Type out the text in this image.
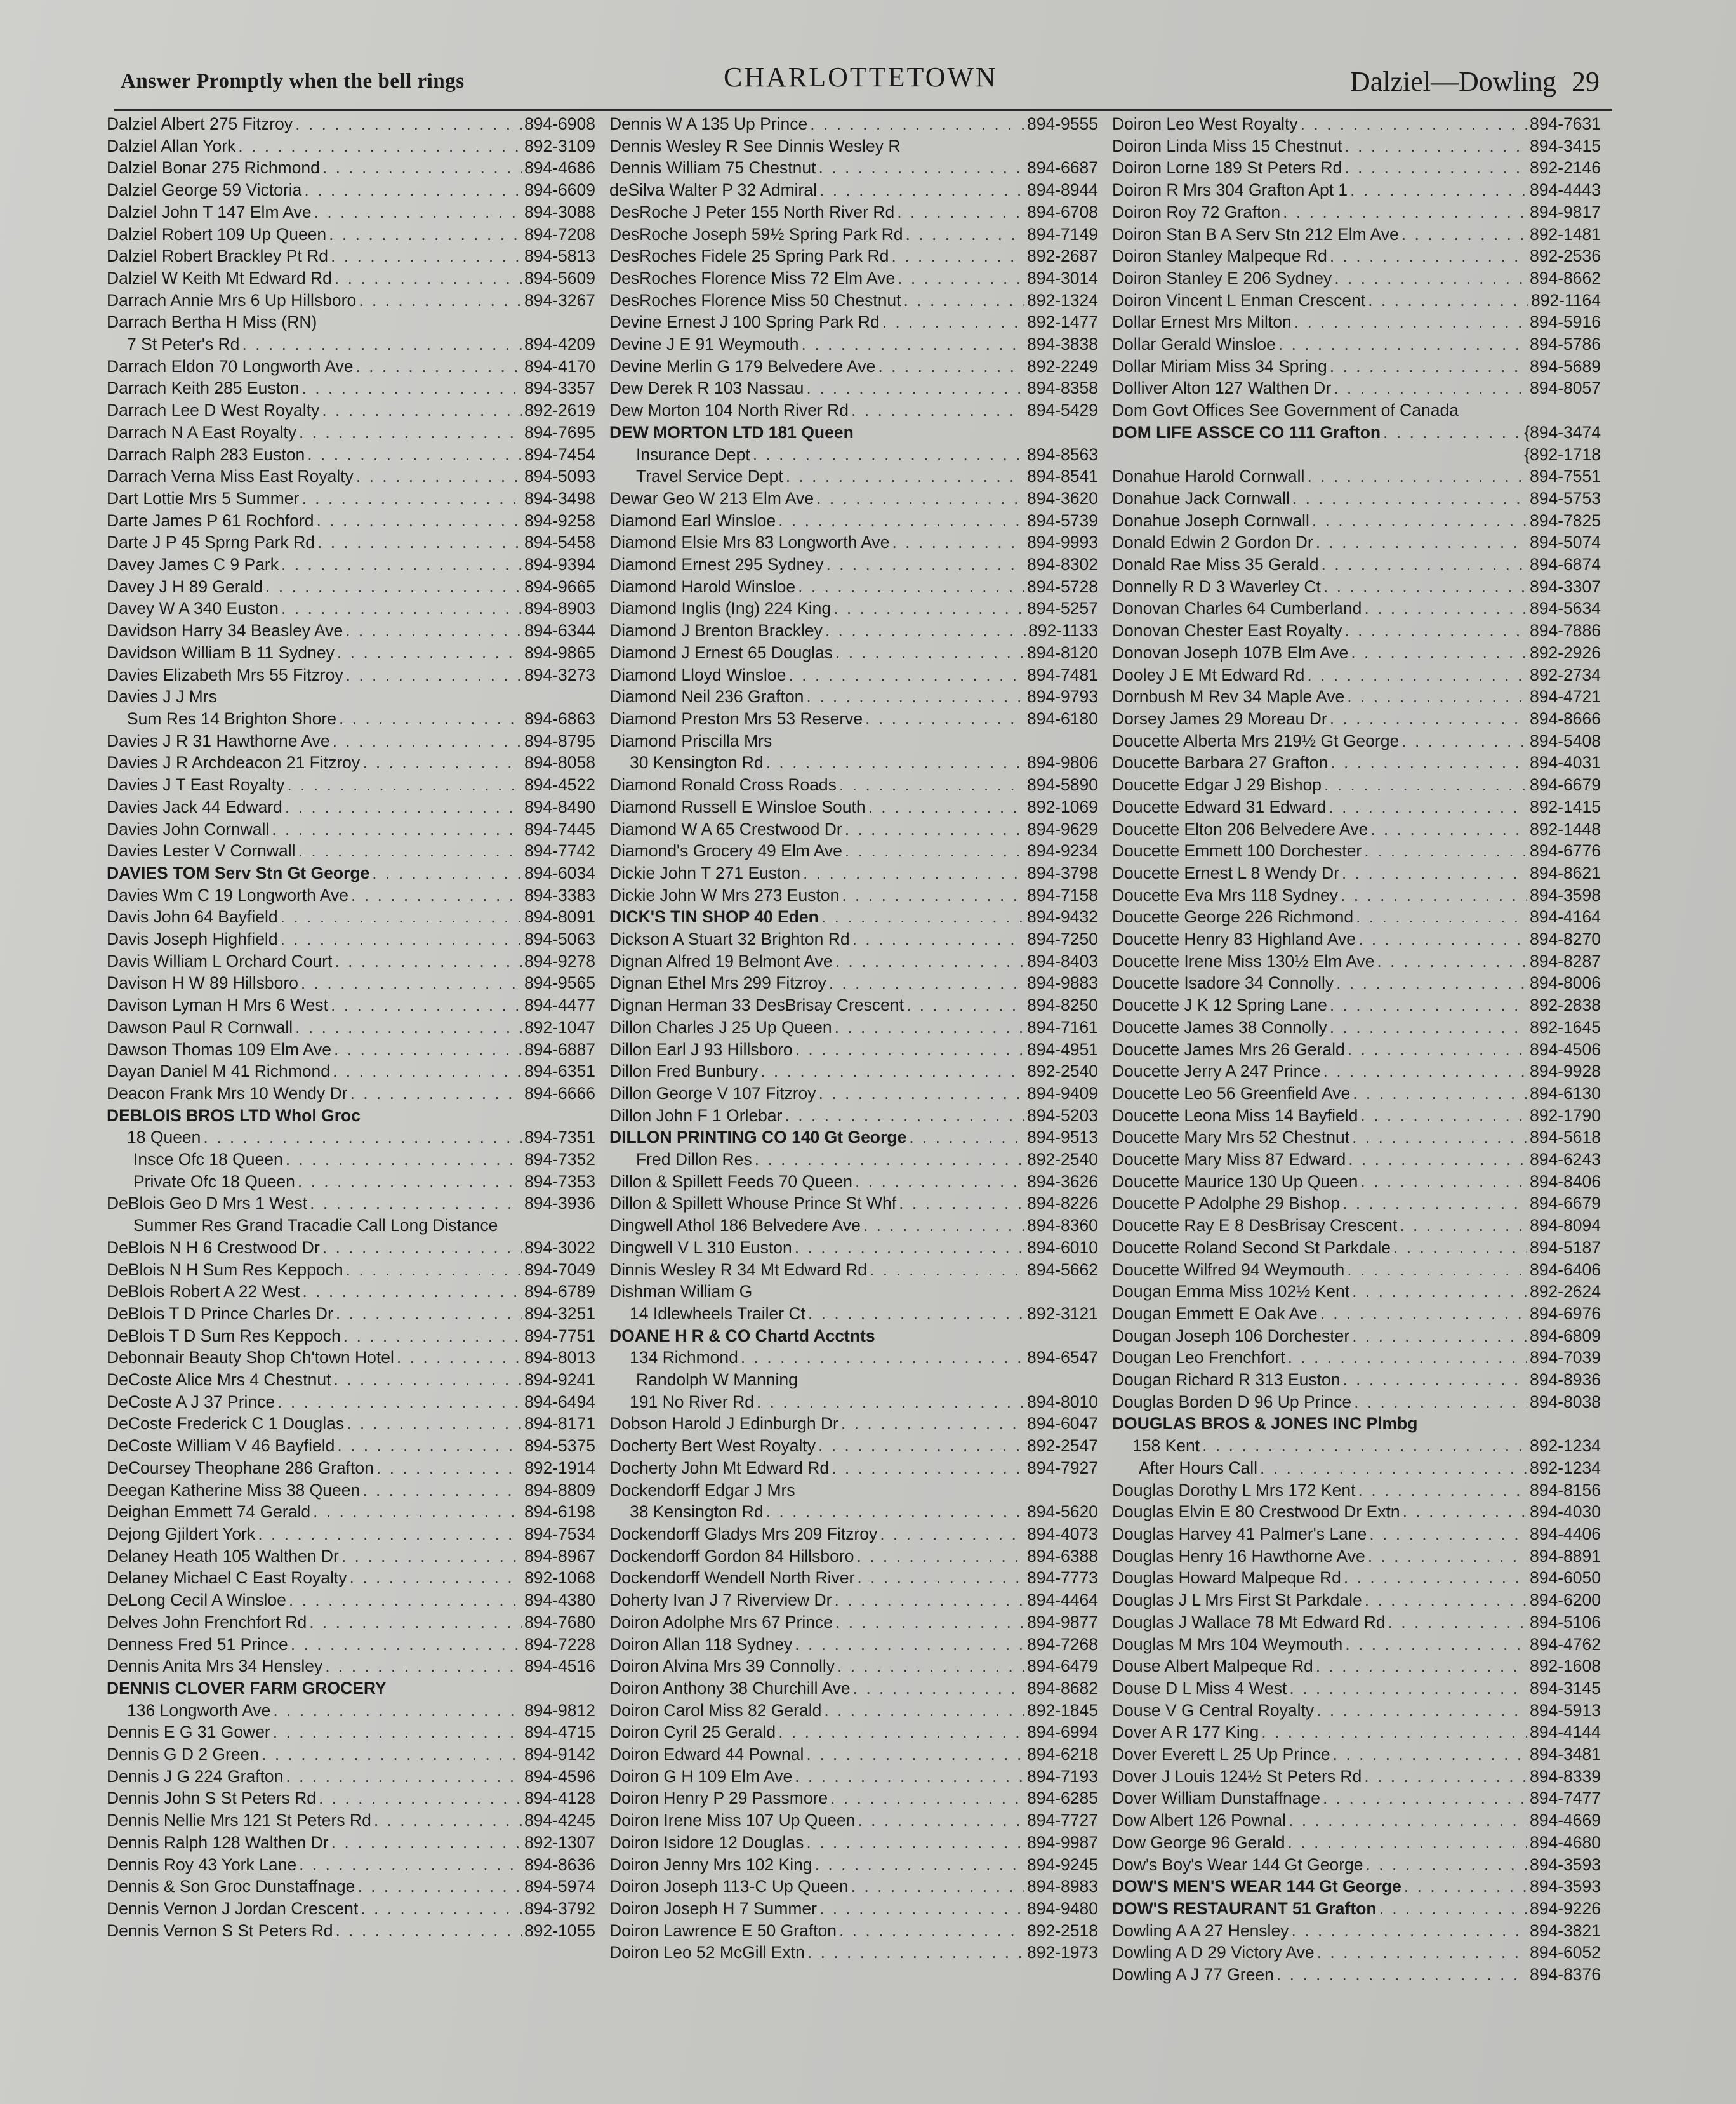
Answer Promptly when the bell rings	CHARLOTTETOWN	Dalziel—Dowling 29
Dalziel Albert 275 Fitzroy . . .	894-6908
Dalziel Allan York . . .	892-3109
Dalziel Bonar 275 Richmond . . .	894-4686
Dalziel George 59 Victoria . . .	894-6609
Dalziel John T 147 Elm Ave . . .	894-3088
Dalziel Robert 109 Up Queen . . .	894-7208
Dalziel Robert Brackley Pt Rd . . .	894-5813
Dalziel W Keith Mt Edward Rd . . .	894-5609
Darrach Annie Mrs 6 Up Hillsboro . . .	894-3267
Darrach Bertha H Miss (RN)
7 St Peter's Rd . . .	894-4209
Darrach Eldon 70 Longworth Ave . . .	894-4170
Darrach Keith 285 Euston . . .	894-3357
Darrach Lee D West Royalty . . .	892-2619
Darrach N A East Royalty . . .	894-7695
Darrach Ralph 283 Euston . . .	894-7454
Darrach Verna Miss East Royalty . . .	894-5093
Dart Lottie Mrs 5 Summer . . .	894-3498
Darte James P 61 Rochford . . .	894-9258
Darte J P 45 Sprng Park Rd . . .	894-5458
Davey James C 9 Park . . .	894-9394
Davey J H 89 Gerald . . .	894-9665
Davey W A 340 Euston . . .	894-8903
Davidson Harry 34 Beasley Ave . . .	894-6344
Davidson William B 11 Sydney . . .	894-9865
Davies Elizabeth Mrs 55 Fitzroy . . .	894-3273
Davies J J Mrs
Sum Res 14 Brighton Shore . . .	894-6863
Davies J R 31 Hawthorne Ave . . .	894-8795
Davies J R Archdeacon 21 Fitzroy . . .	894-8058
Davies J T East Royalty . . .	894-4522
Davies Jack 44 Edward . . .	894-8490
Davies John Cornwall . . .	894-7445
Davies Lester V Cornwall . . .	894-7742
DAVIES TOM Serv Stn Gt George . . .	894-6034
Davies Wm C 19 Longworth Ave . . .	894-3383
Davis John 64 Bayfield . . .	894-8091
Davis Joseph Highfield . . .	894-5063
Davis William L Orchard Court . . .	894-9278
Davison H W 89 Hillsboro . . .	894-9565
Davison Lyman H Mrs 6 West . . .	894-4477
Dawson Paul R Cornwall . . .	892-1047
Dawson Thomas 109 Elm Ave . . .	894-6887
Dayan Daniel M 41 Richmond . . .	894-6351
Deacon Frank Mrs 10 Wendy Dr . . .	894-6666
DEBLOIS BROS LTD Whol Groc
18 Queen . . .	894-7351
Insce Ofc 18 Queen . . .	894-7352
Private Ofc 18 Queen . . .	894-7353
DeBlois Geo D Mrs 1 West . . .	894-3936
Summer Res Grand Tracadie Call Long Distance
DeBlois N H 6 Crestwood Dr . . .	894-3022
DeBlois N H Sum Res Keppoch . . .	894-7049
DeBlois Robert A 22 West . . .	894-6789
DeBlois T D Prince Charles Dr . . .	894-3251
DeBlois T D Sum Res Keppoch . . .	894-7751
Debonnair Beauty Shop Ch'town Hotel . . .	894-8013
DeCoste Alice Mrs 4 Chestnut . . .	894-9241
DeCoste A J 37 Prince . . .	894-6494
DeCoste Frederick C 1 Douglas . . .	894-8171
DeCoste William V 46 Bayfield . . .	894-5375
DeCoursey Theophane 286 Grafton . . .	892-1914
Deegan Katherine Miss 38 Queen . . .	894-8809
Deighan Emmett 74 Gerald . . .	894-6198
Dejong Gjildert York . . .	894-7534
Delaney Heath 105 Walthen Dr . . .	894-8967
Delaney Michael C East Royalty . . .	892-1068
DeLong Cecil A Winsloe . . .	894-4380
Delves John Frenchfort Rd . . .	894-7680
Denness Fred 51 Prince . . .	894-7228
Dennis Anita Mrs 34 Hensley . . .	894-4516
DENNIS CLOVER FARM GROCERY
136 Longworth Ave . . .	894-9812
Dennis E G 31 Gower . . .	894-4715
Dennis G D 2 Green . . .	894-9142
Dennis J G 224 Grafton . . .	894-4596
Dennis John S St Peters Rd . . .	894-4128
Dennis Nellie Mrs 121 St Peters Rd . . .	894-4245
Dennis Ralph 128 Walthen Dr . . .	892-1307
Dennis Roy 43 York Lane . . .	894-8636
Dennis & Son Groc Dunstaffnage . . .	894-5974
Dennis Vernon J Jordan Crescent . . .	894-3792
Dennis Vernon S St Peters Rd . . .	892-1055
Dennis W A 135 Up Prince . . .	894-9555
Dennis Wesley R See Dinnis Wesley R
Dennis William 75 Chestnut . . .	894-6687
deSilva Walter P 32 Admiral . . .	894-8944
DesRoche J Peter 155 North River Rd . . .	894-6708
DesRoche Joseph 59½ Spring Park Rd . . .	894-7149
DesRoches Fidele 25 Spring Park Rd . . .	892-2687
DesRoches Florence Miss 72 Elm Ave . . .	894-3014
DesRoches Florence Miss 50 Chestnut . . .	892-1324
Devine Ernest J 100 Spring Park Rd . . .	892-1477
Devine J E 91 Weymouth . . .	894-3838
Devine Merlin G 179 Belvedere Ave . . .	892-2249
Dew Derek R 103 Nassau . . .	894-8358
Dew Morton 104 North River Rd . . .	894-5429
DEW MORTON LTD 181 Queen
Insurance Dept . . .	894-8563
Travel Service Dept . . .	894-8541
Dewar Geo W 213 Elm Ave . . .	894-3620
Diamond Earl Winsloe . . .	894-5739
Diamond Elsie Mrs 83 Longworth Ave . . .	894-9993
Diamond Ernest 295 Sydney . . .	894-8302
Diamond Harold Winsloe . . .	894-5728
Diamond Inglis (Ing) 224 King . . .	894-5257
Diamond J Brenton Brackley . . .	892-1133
Diamond J Ernest 65 Douglas . . .	894-8120
Diamond Lloyd Winsloe . . .	894-7481
Diamond Neil 236 Grafton . . .	894-9793
Diamond Preston Mrs 53 Reserve . . .	894-6180
Diamond Priscilla Mrs
30 Kensington Rd . . .	894-9806
Diamond Ronald Cross Roads . . .	894-5890
Diamond Russell E Winsloe South . . .	892-1069
Diamond W A 65 Crestwood Dr . . .	894-9629
Diamond's Grocery 49 Elm Ave . . .	894-9234
Dickie John T 271 Euston . . .	894-3798
Dickie John W Mrs 273 Euston . . .	894-7158
DICK'S TIN SHOP 40 Eden . . .	894-9432
Dickson A Stuart 32 Brighton Rd . . .	894-7250
Dignan Alfred 19 Belmont Ave . . .	894-8403
Dignan Ethel Mrs 299 Fitzroy . . .	894-9883
Dignan Herman 33 DesBrisay Crescent . . .	894-8250
Dillon Charles J 25 Up Queen . . .	894-7161
Dillon Earl J 93 Hillsboro . . .	894-4951
Dillon Fred Bunbury . . .	892-2540
Dillon George V 107 Fitzroy . . .	894-9409
Dillon John F 1 Orlebar . . .	894-5203
DILLON PRINTING CO 140 Gt George . . .	894-9513
Fred Dillon Res . . .	892-2540
Dillon & Spillett Feeds 70 Queen . . .	894-3626
Dillon & Spillett Whouse Prince St Whf . . .	894-8226
Dingwell Athol 186 Belvedere Ave . . .	894-8360
Dingwell V L 310 Euston . . .	894-6010
Dinnis Wesley R 34 Mt Edward Rd . . .	894-5662
Dishman William G
14 Idlewheels Trailer Ct . . .	892-3121
DOANE H R & CO Chartd Acctnts
134 Richmond . . .	894-6547
Randolph W Manning
191 No River Rd . . .	894-8010
Dobson Harold J Edinburgh Dr . . .	894-6047
Docherty Bert West Royalty . . .	892-2547
Docherty John Mt Edward Rd . . .	894-7927
Dockendorff Edgar J Mrs
38 Kensington Rd . . .	894-5620
Dockendorff Gladys Mrs 209 Fitzroy . . .	894-4073
Dockendorff Gordon 84 Hillsboro . . .	894-6388
Dockendorff Wendell North River . . .	894-7773
Doherty Ivan J 7 Riverview Dr . . .	894-4464
Doiron Adolphe Mrs 67 Prince . . .	894-9877
Doiron Allan 118 Sydney . . .	894-7268
Doiron Alvina Mrs 39 Connolly . . .	894-6479
Doiron Anthony 38 Churchill Ave . . .	894-8682
Doiron Carol Miss 82 Gerald . . .	892-1845
Doiron Cyril 25 Gerald . . .	894-6994
Doiron Edward 44 Pownal . . .	894-6218
Doiron G H 109 Elm Ave . . .	894-7193
Doiron Henry P 29 Passmore . . .	894-6285
Doiron Irene Miss 107 Up Queen . . .	894-7727
Doiron Isidore 12 Douglas . . .	894-9987
Doiron Jenny Mrs 102 King . . .	894-9245
Doiron Joseph 113-C Up Queen . . .	894-8983
Doiron Joseph H 7 Summer . . .	894-9480
Doiron Lawrence E 50 Grafton . . .	892-2518
Doiron Leo 52 McGill Extn . . .	892-1973
Doiron Leo West Royalty . . .	894-7631
Doiron Linda Miss 15 Chestnut . . .	894-3415
Doiron Lorne 189 St Peters Rd . . .	892-2146
Doiron R Mrs 304 Grafton Apt 1 . . .	894-4443
Doiron Roy 72 Grafton . . .	894-9817
Doiron Stan B A Serv Stn 212 Elm Ave . . .	892-1481
Doiron Stanley Malpeque Rd . . .	892-2536
Doiron Stanley E 206 Sydney . . .	894-8662
Doiron Vincent L Enman Crescent . . .	892-1164
Dollar Ernest Mrs Milton . . .	894-5916
Dollar Gerald Winsloe . . .	894-5786
Dollar Miriam Miss 34 Spring . . .	894-5689
Dolliver Alton 127 Walthen Dr . . .	894-8057
Dom Govt Offices See Government of Canada
DOM LIFE ASSCE CO 111 Grafton . . .	{894-3474
{892-1718
Donahue Harold Cornwall . . .	894-7551
Donahue Jack Cornwall . . .	894-5753
Donahue Joseph Cornwall . . .	894-7825
Donald Edwin 2 Gordon Dr . . .	894-5074
Donald Rae Miss 35 Gerald . . .	894-6874
Donnelly R D 3 Waverley Ct . . .	894-3307
Donovan Charles 64 Cumberland . . .	894-5634
Donovan Chester East Royalty . . .	894-7886
Donovan Joseph 107B Elm Ave . . .	892-2926
Dooley J E Mt Edward Rd . . .	892-2734
Dornbush M Rev 34 Maple Ave . . .	894-4721
Dorsey James 29 Moreau Dr . . .	894-8666
Doucette Alberta Mrs 219½ Gt George . . .	894-5408
Doucette Barbara 27 Grafton . . .	894-4031
Doucette Edgar J 29 Bishop . . .	894-6679
Doucette Edward 31 Edward . . .	892-1415
Doucette Elton 206 Belvedere Ave . . .	892-1448
Doucette Emmett 100 Dorchester . . .	894-6776
Doucette Ernest L 8 Wendy Dr . . .	894-8621
Doucette Eva Mrs 118 Sydney . . .	894-3598
Doucette George 226 Richmond . . .	894-4164
Doucette Henry 83 Highland Ave . . .	894-8270
Doucette Irene Miss 130½ Elm Ave . . .	894-8287
Doucette Isadore 34 Connolly . . .	894-8006
Doucette J K 12 Spring Lane . . .	892-2838
Doucette James 38 Connolly . . .	892-1645
Doucette James Mrs 26 Gerald . . .	894-4506
Doucette Jerry A 247 Prince . . .	894-9928
Doucette Leo 56 Greenfield Ave . . .	894-6130
Doucette Leona Miss 14 Bayfield . . .	892-1790
Doucette Mary Mrs 52 Chestnut . . .	894-5618
Doucette Mary Miss 87 Edward . . .	894-6243
Doucette Maurice 130 Up Queen . . .	894-8406
Doucette P Adolphe 29 Bishop . . .	894-6679
Doucette Ray E 8 DesBrisay Crescent . . .	894-8094
Doucette Roland Second St Parkdale . . .	894-5187
Doucette Wilfred 94 Weymouth . . .	894-6406
Dougan Emma Miss 102½ Kent . . .	892-2624
Dougan Emmett E Oak Ave . . .	894-6976
Dougan Joseph 106 Dorchester . . .	894-6809
Dougan Leo Frenchfort . . .	894-7039
Dougan Richard R 313 Euston . . .	894-8936
Douglas Borden D 96 Up Prince . . .	894-8038
DOUGLAS BROS & JONES INC Plmbg
158 Kent . . .	892-1234
After Hours Call . . .	892-1234
Douglas Dorothy L Mrs 172 Kent . . .	894-8156
Douglas Elvin E 80 Crestwood Dr Extn . . .	894-4030
Douglas Harvey 41 Palmer's Lane . . .	894-4406
Douglas Henry 16 Hawthorne Ave . . .	894-8891
Douglas Howard Malpeque Rd . . .	894-6050
Douglas J L Mrs First St Parkdale . . .	894-6200
Douglas J Wallace 78 Mt Edward Rd . . .	894-5106
Douglas M Mrs 104 Weymouth . . .	894-4762
Douse Albert Malpeque Rd . . .	892-1608
Douse D L Miss 4 West . . .	894-3145
Douse V G Central Royalty . . .	894-5913
Dover A R 177 King . . .	894-4144
Dover Everett L 25 Up Prince . . .	894-3481
Dover J Louis 124½ St Peters Rd . . .	894-8339
Dover William Dunstaffnage . . .	894-7477
Dow Albert 126 Pownal . . .	894-4669
Dow George 96 Gerald . . .	894-4680
Dow's Boy's Wear 144 Gt George . . .	894-3593
DOW'S MEN'S WEAR 144 Gt George . . .	894-3593
DOW'S RESTAURANT 51 Grafton . . .	894-9226
Dowling A A 27 Hensley . . .	894-3821
Dowling A D 29 Victory Ave . . .	894-6052
Dowling A J 77 Green . . .	894-8376
